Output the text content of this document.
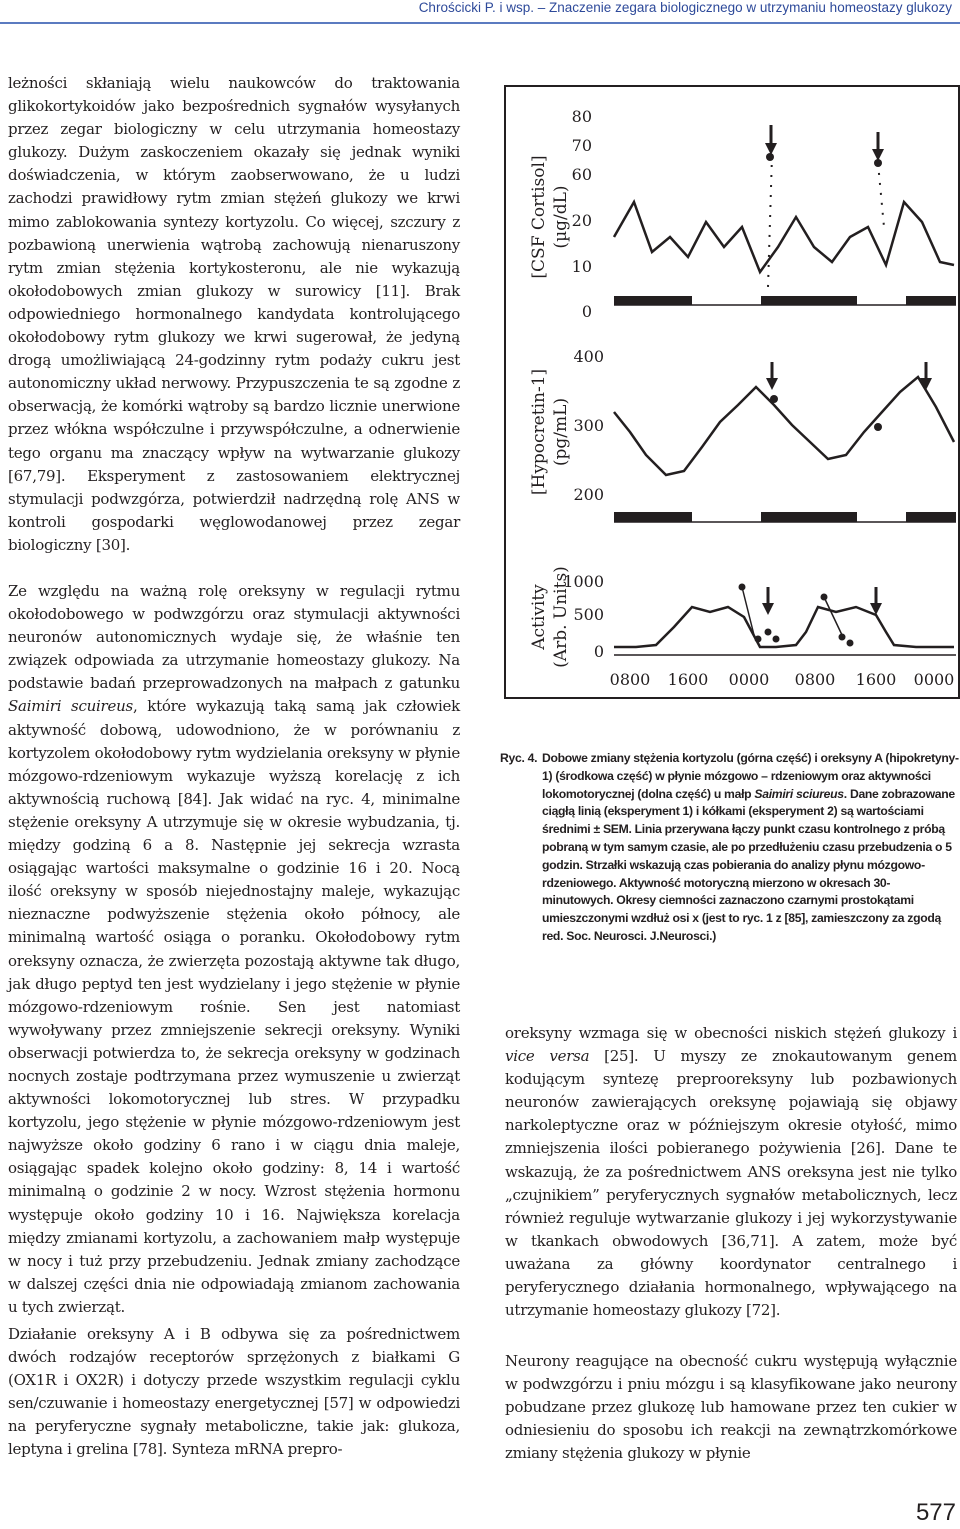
Chrościcki P. i wsp. – Znaczenie zegara biologicznego w utrzymaniu homeostazy glukozy

leżności skłaniają wielu naukowców do traktowania glikokortykoidów jako bezpośrednich sygnałów wysyłanych przez zegar biologiczny w celu utrzymania homeostazy glukozy. Dużym zaskoczeniem okazały się jednak wyniki doświadczenia, w którym zaobserwowano, że u ludzi zachodzi prawidłowy rytm zmian stężeń glukozy we krwi mimo zablokowania syntezy kortyzolu. Co więcej, szczury z pozbawioną unerwienia wątrobą zachowują nienaruszony rytm zmian stężenia kortykosteronu, ale nie wykazują okołodobowych zmian glukozy w surowicy [11]. Brak odpowiedniego hormonalnego kandydata kontrolującego okołodobowy rytm glukozy we krwi sugerował, że jedyną drogą umożliwiającą 24-godzinny rytm podaży cukru jest autonomiczny układ nerwowy. Przypuszczenia te są zgodne z obserwacją, że komórki wątroby są bardzo licznie unerwione przez włókna współczulne i przywspółczulne, a odnerwienie tego organu ma znaczący wpływ na wytwarzanie glukozy [67,79]. Eksperyment z zastosowaniem elektrycznej stymulacji podwzgórza, potwierdził nadrzędną rolę ANS w kontroli gospodarki węglowodanowej przez zegar biologiczny [30].

Ze względu na ważną rolę oreksyny w regulacji rytmu okołodobowego w podwzgórzu oraz stymulacji aktywności neuronów autonomicznych wydaje się, że właśnie ten związek odpowiada za utrzymanie homeostazy glukozy. Na podstawie badań przeprowadzonych na małpach z gatunku Saimiri scuireus, które wykazują taką samą jak człowiek aktywność dobową, udowodniono, że w porównaniu z kortyzolem okołodobowy rytm wydzielania oreksyny w płynie mózgowo-rdzeniowym wykazuje wyższą korelację z ich aktywnością ruchową [84]. Jak widać na ryc. 4, minimalne stężenie oreksyny A utrzymuje się w okresie wybudzania, tj. między godziną 6 a 8. Następnie jej sekrecja wzrasta osiągając wartości maksymalne o godzinie 16 i 20. Nocą ilość oreksyny w sposób niejednostajny maleje, wykazując nieznaczne podwyższenie stężenia około północy, ale minimalną wartość osiąga o poranku. Okołodobowy rytm oreksyny oznacza, że zwierzęta pozostają aktywne tak długo, jak długo peptyd ten jest wydzielany i jego stężenie w płynie mózgowo-rdzeniowym rośnie. Sen jest natomiast wywoływany przez zmniejszenie sekrecji oreksyny. Wyniki obserwacji potwierdza to, że sekrecja oreksyny w godzinach nocnych zostaje podtrzymana przez wymuszenie u zwierząt aktywności lokomotorycznej lub stres. W przypadku kortyzolu, jego stężenie w płynie mózgowo-rdzeniowym jest najwyższe około godziny 6 rano i w ciągu dnia maleje, osiągając spadek kolejno około godziny: 8, 14 i wartość minimalną o godzinie 2 w nocy. Wzrost stężenia hormonu występuje około godziny 10 i 16. Największa korelacja między zmianami kortyzolu, a zachowaniem małp występuje w nocy i tuż przy przebudzeniu. Jednak zmiany zachodzące w dalszej części dnia nie odpowiadają zmianom zachowania u tych zwierząt.

Działanie oreksyny A i B odbywa się za pośrednictwem dwóch rodzajów receptorów sprzężonych z białkami G (OX1R i OX2R) i dotyczy przede wszystkim regulacji cyklu sen/czuwanie i homeostazy energetycznej [57] w odpowiedzi na peryferyczne sygnały metaboliczne, takie jak: glukoza, leptyna i grelina [78]. Synteza mRNA prepro-

[CSF Cortisol] (µg/dL)
80
70
60
20
10
0
[Hypocretin-1] (pg/mL)
400
300
200
Activity (Arb. Units)
1000
500
0
0800 1600 0000 0800 1600 0000

Ryc. 4. Dobowe zmiany stężenia kortyzolu (górna część) i oreksyny A (hipokretyny-1) (środkowa część) w płynie mózgowo – rdzeniowym oraz aktywności lokomotorycznej (dolna część) u małp Saimiri sciureus. Dane zobrazowane ciągłą linią (eksperyment 1) i kółkami (eksperyment 2) są wartościami średnimi ± SEM. Linia przerywana łączy punkt czasu kontrolnego z próbą pobraną w tym samym czasie, ale po przedłużeniu czasu przebudzenia o 5 godzin. Strzałki wskazują czas pobierania do analizy płynu mózgowo-rdzeniowego. Aktywność motoryczną mierzono w okresach 30-minutowych. Okresy ciemności zaznaczono czarnymi prostokątami umieszczonymi wzdłuż osi x (jest to ryc. 1 z [85], zamieszczony za zgodą red. Soc. Neurosci. J.Neurosci.)

oreksyny wzmaga się w obecności niskich stężeń glukozy i vice versa [25]. U myszy ze znokautowanym genem kodującym syntezę preprooreksyny lub pozbawionych neuronów zawierających oreksynę pojawiają się objawy narkoleptyczne oraz w późniejszym okresie otyłość, mimo zmniejszenia ilości pobieranego pożywienia [26]. Dane te wskazują, że za pośrednictwem ANS oreksyna jest nie tylko „czujnikiem” peryferycznych sygnałów metabolicznych, lecz również reguluje wytwarzanie glukozy i jej wykorzystywanie w tkankach obwodowych [36,71]. A zatem, może być uważana za główny koordynator centralnego i peryferycznego działania hormonalnego, wpływającego na utrzymanie homeostazy glukozy [72].

Neurony reagujące na obecność cukru występują wyłącznie w podwzgórzu i pniu mózgu i są klasyfikowane jako neurony pobudzane przez glukozę lub hamowane przez ten cukier w odniesieniu do sposobu ich reakcji na zewnątrzkomórkowe zmiany stężenia glukozy w płynie

577
